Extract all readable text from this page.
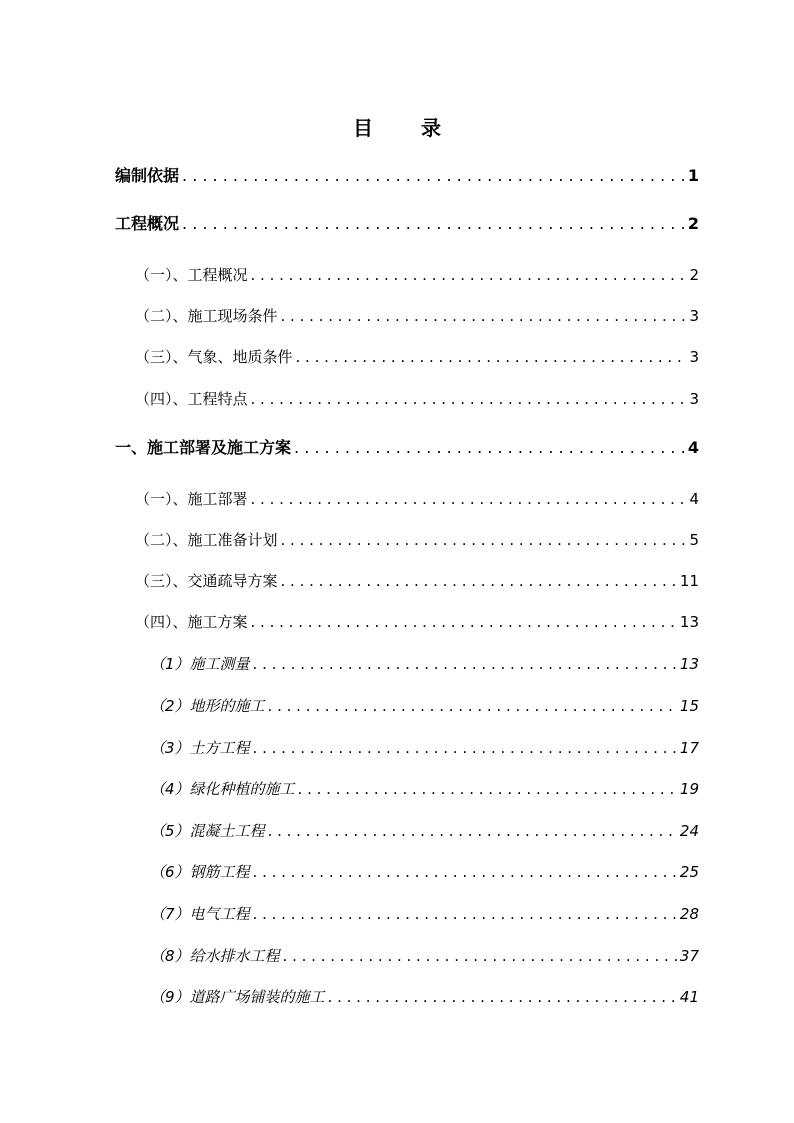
目　录
编制依据 . . .	1
工程概况 . . .	2
（一）、工程概况 . . .	2
（二）、施工现场条件 . . .	3
（三）、气象、地质条件 . . .	3
（四）、工程特点 . . .	3
一、 施工部署及施工方案 . . .	4
（一）、施工部署 . . .	4
（二）、施工准备计划 . . .	5
（三）、交通疏导方案 . . .	11
（四）、施工方案 . . .	13
（1）施工测量 . . .	13
（2）地形的施工 . . .	15
（3）土方工程 . . .	17
（4）绿化种植的施工 . . .	19
（5）混凝土工程 . . .	24
（6）钢筋工程 . . .	25
（7）电气工程 . . .	28
（8）给水排水工程 . . .	37
（9）道路广场铺装的施工 . . .	41
